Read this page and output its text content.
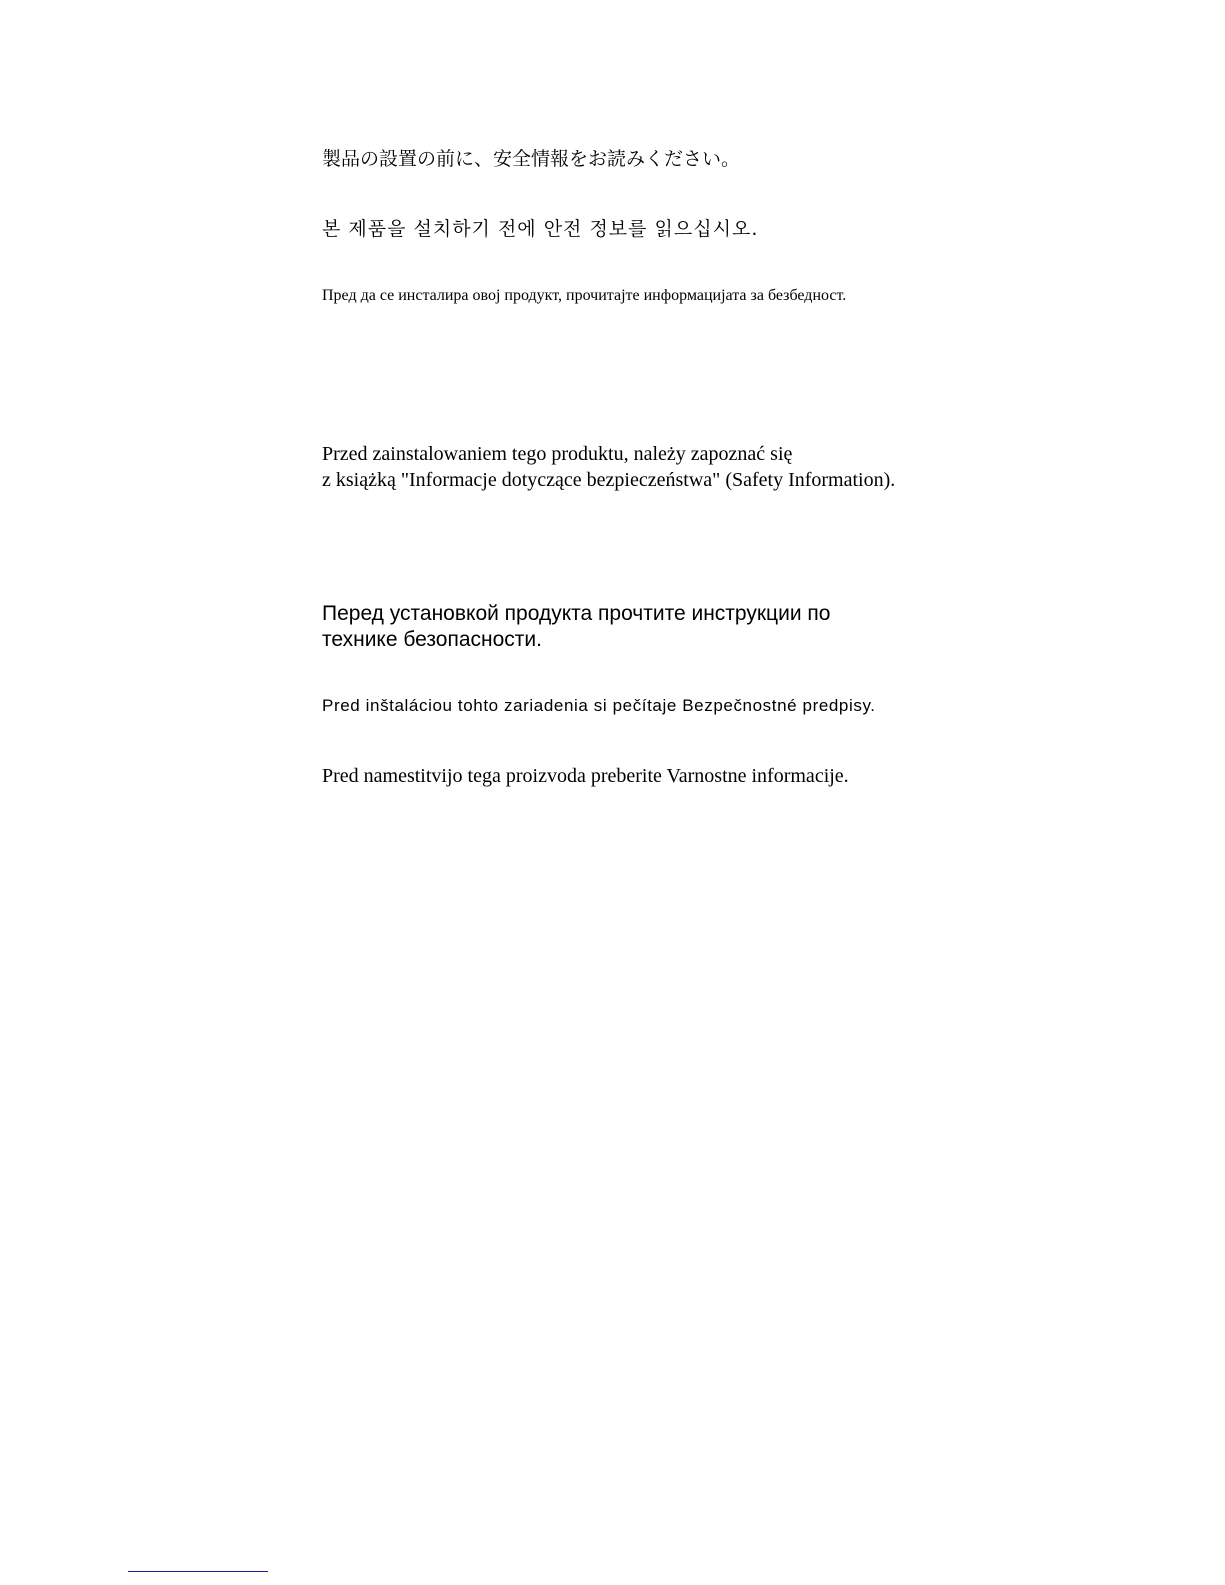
製品の設置の前に、安全情報をお読みください。

본 제품을 설치하기 전에 안전 정보를 읽으십시오.

Пред да се инсталира овој продукт, прочитајте информацијата за безбедност.

Przed zainstalowaniem tego produktu, należy zapoznać się
z książką "Informacje dotyczące bezpieczeństwa" (Safety Information).
Перед установкой продукта прочтите инструкции по
технике безопасности.

Pred inštaláciou tohto zariadenia si pečítaje Bezpečnostné predpisy.

Pred namestitvijo tega proizvoda preberite Varnostne informacije.
